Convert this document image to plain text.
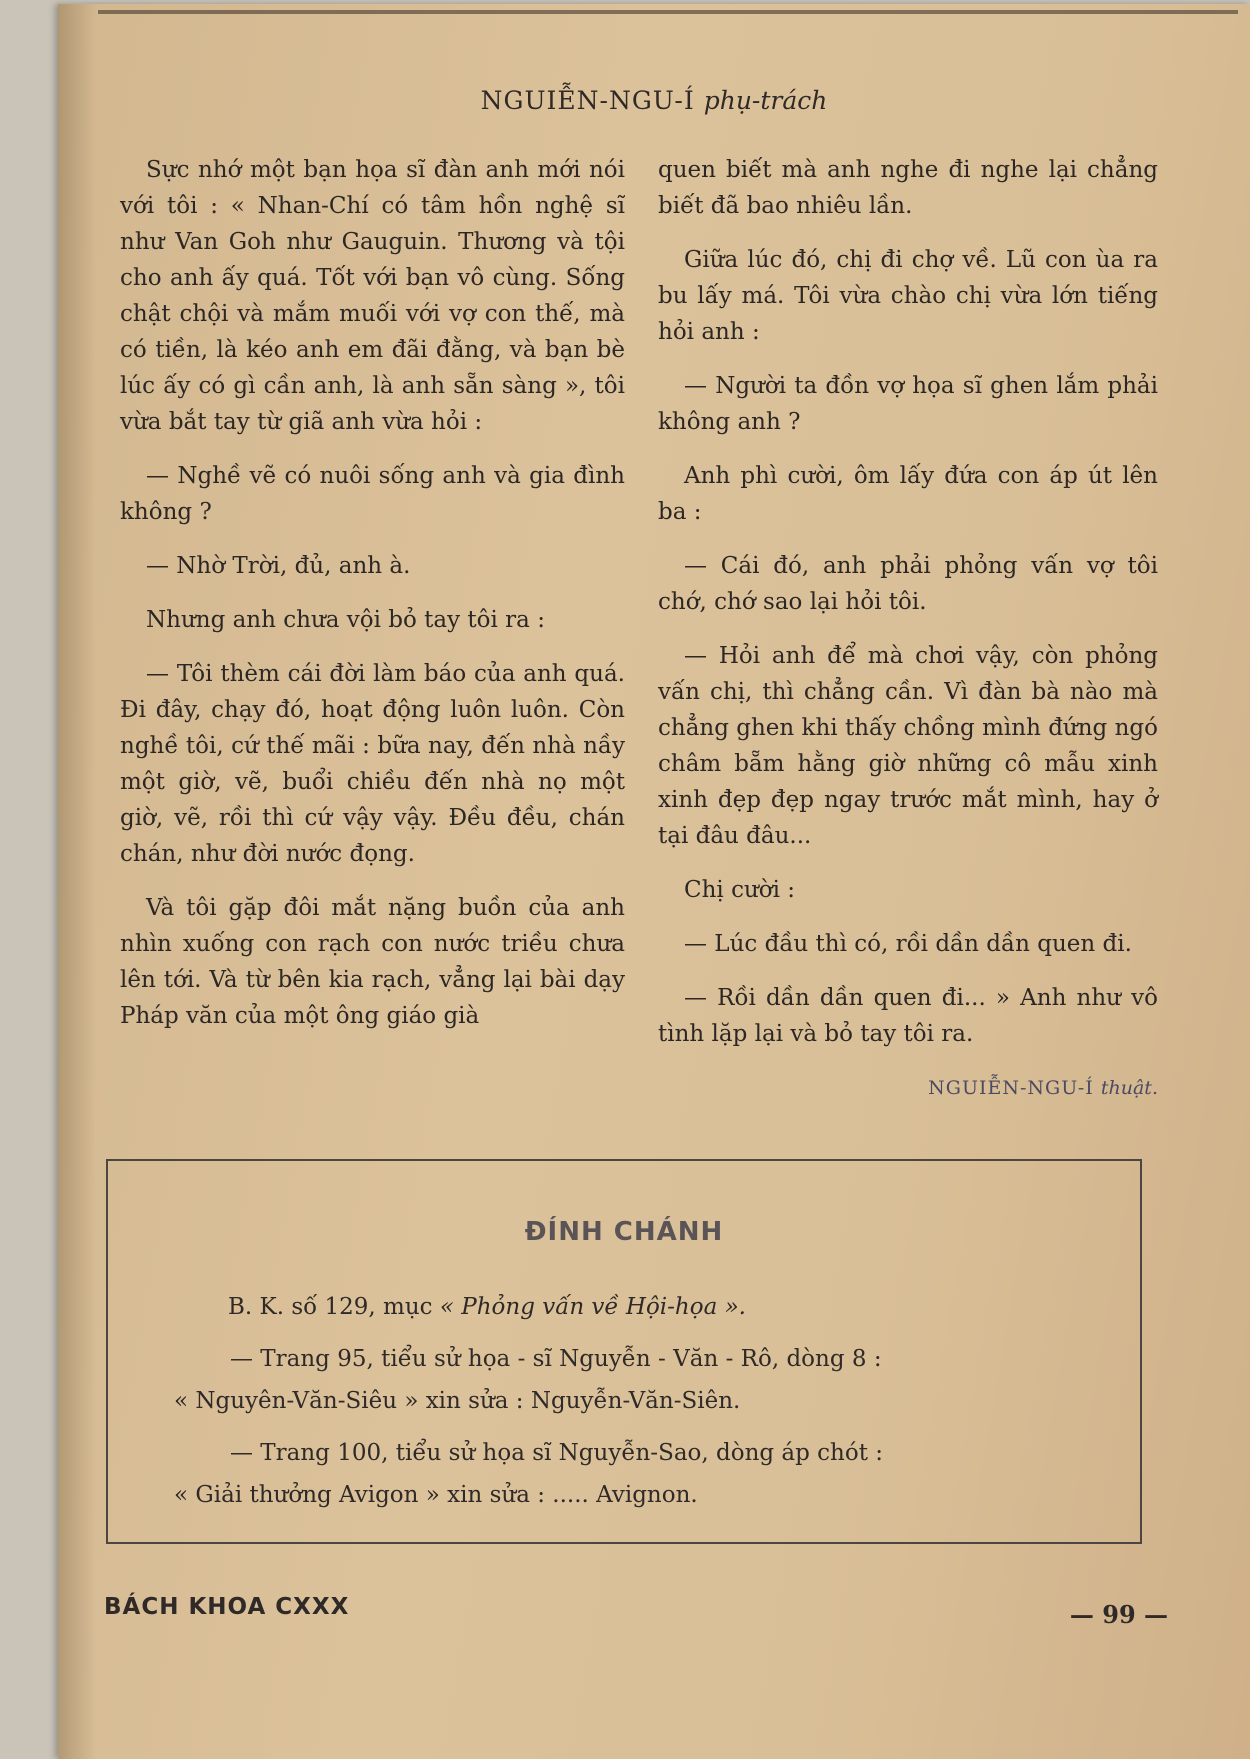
NGUIỄN-NGU-Í phụ-trách

Sực nhớ một bạn họa sĩ đàn anh mới nói với tôi : « Nhan-Chí có tâm hồn nghệ sĩ như Van Goh như Gauguin. Thương và tội cho anh ấy quá. Tốt với bạn vô cùng. Sống chật chội và mắm muối với vợ con thế, mà có tiền, là kéo anh em đãi đằng, và bạn bè lúc ấy có gì cần anh, là anh sẵn sàng », tôi vừa bắt tay từ giã anh vừa hỏi :

— Nghề vẽ có nuôi sống anh và gia đình không ?

— Nhờ Trời, đủ, anh à.

Nhưng anh chưa vội bỏ tay tôi ra :

— Tôi thèm cái đời làm báo của anh quá. Đi đây, chạy đó, hoạt động luôn luôn. Còn nghề tôi, cứ thế mãi : bữa nay, đến nhà nầy một giờ, vẽ, buổi chiều đến nhà nọ một giờ, vẽ, rồi thì cứ vậy vậy. Đều đều, chán chán, như đời nước đọng.

Và tôi gặp đôi mắt nặng buồn của anh nhìn xuống con rạch con nước triều chưa lên tới. Và từ bên kia rạch, vẳng lại bài dạy Pháp văn của một ông giáo già

quen biết mà anh nghe đi nghe lại chẳng biết đã bao nhiêu lần.

Giữa lúc đó, chị đi chợ về. Lũ con ùa ra bu lấy má. Tôi vừa chào chị vừa lớn tiếng hỏi anh :

— Người ta đồn vợ họa sĩ ghen lắm phải không anh ?

Anh phì cười, ôm lấy đứa con áp út lên ba :

— Cái đó, anh phải phỏng vấn vợ tôi chớ, chớ sao lại hỏi tôi.

— Hỏi anh để mà chơi vậy, còn phỏng vấn chị, thì chẳng cần. Vì đàn bà nào mà chẳng ghen khi thấy chồng mình đứng ngó châm bẵm hằng giờ những cô mẫu xinh xinh đẹp đẹp ngay trước mắt mình, hay ở tại đâu đâu...

Chị cười :

— Lúc đầu thì có, rồi dần dần quen đi.

— Rồi dần dần quen đi... » Anh như vô tình lặp lại và bỏ tay tôi ra.

NGUIỄN-NGU-Í thuật.
ĐÍNH CHÁNH

B. K. số 129, mục « Phỏng vấn về Hội-họa ».

— Trang 95, tiểu sử họa - sĩ Nguyễn - Văn - Rô, dòng 8 :
« Nguyên-Văn-Siêu » xin sửa : Nguyễn-Văn-Siên.

— Trang 100, tiểu sử họa sĩ Nguyễn-Sao, dòng áp chót :
« Giải thưởng Avigon » xin sửa : ..... Avignon.

BÁCH KHOA CXXX	— 99 —
